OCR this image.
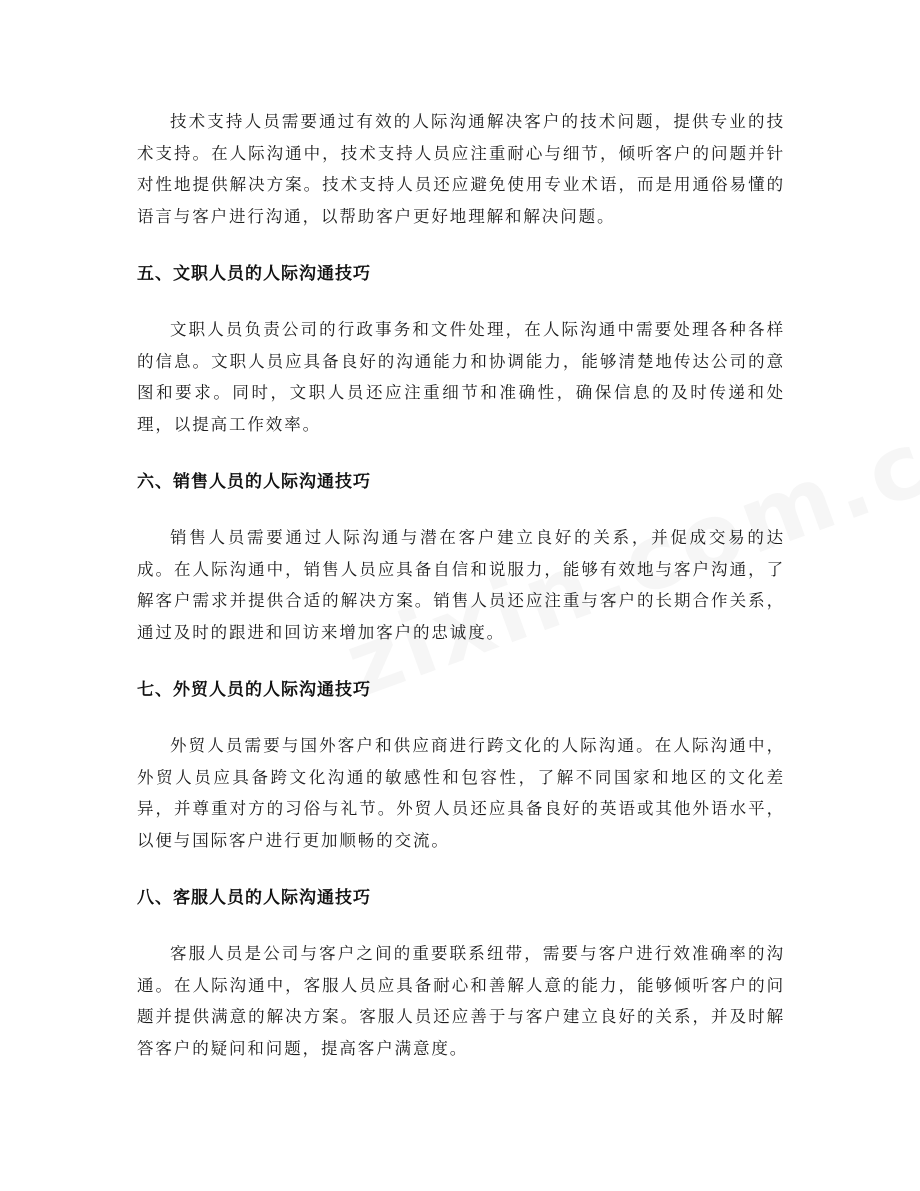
技术支持人员需要通过有效的人际沟通解决客户的技术问题，提供专业的技术支持。在人际沟通中，技术支持人员应注重耐心与细节，倾听客户的问题并针对性地提供解决方案。技术支持人员还应避免使用专业术语，而是用通俗易懂的语言与客户进行沟通，以帮助客户更好地理解和解决问题。

五、文职人员的人际沟通技巧

文职人员负责公司的行政事务和文件处理，在人际沟通中需要处理各种各样的信息。文职人员应具备良好的沟通能力和协调能力，能够清楚地传达公司的意图和要求。同时，文职人员还应注重细节和准确性，确保信息的及时传递和处理，以提高工作效率。

六、销售人员的人际沟通技巧

销售人员需要通过人际沟通与潜在客户建立良好的关系，并促成交易的达成。在人际沟通中，销售人员应具备自信和说服力，能够有效地与客户沟通，了解客户需求并提供合适的解决方案。销售人员还应注重与客户的长期合作关系，通过及时的跟进和回访来增加客户的忠诚度。

七、外贸人员的人际沟通技巧

外贸人员需要与国外客户和供应商进行跨文化的人际沟通。在人际沟通中，外贸人员应具备跨文化沟通的敏感性和包容性，了解不同国家和地区的文化差异，并尊重对方的习俗与礼节。外贸人员还应具备良好的英语或其他外语水平，以便与国际客户进行更加顺畅的交流。

八、客服人员的人际沟通技巧

客服人员是公司与客户之间的重要联系纽带，需要与客户进行效准确率的沟通。在人际沟通中，客服人员应具备耐心和善解人意的能力，能够倾听客户的问题并提供满意的解决方案。客服人员还应善于与客户建立良好的关系，并及时解答客户的疑问和问题，提高客户满意度。
